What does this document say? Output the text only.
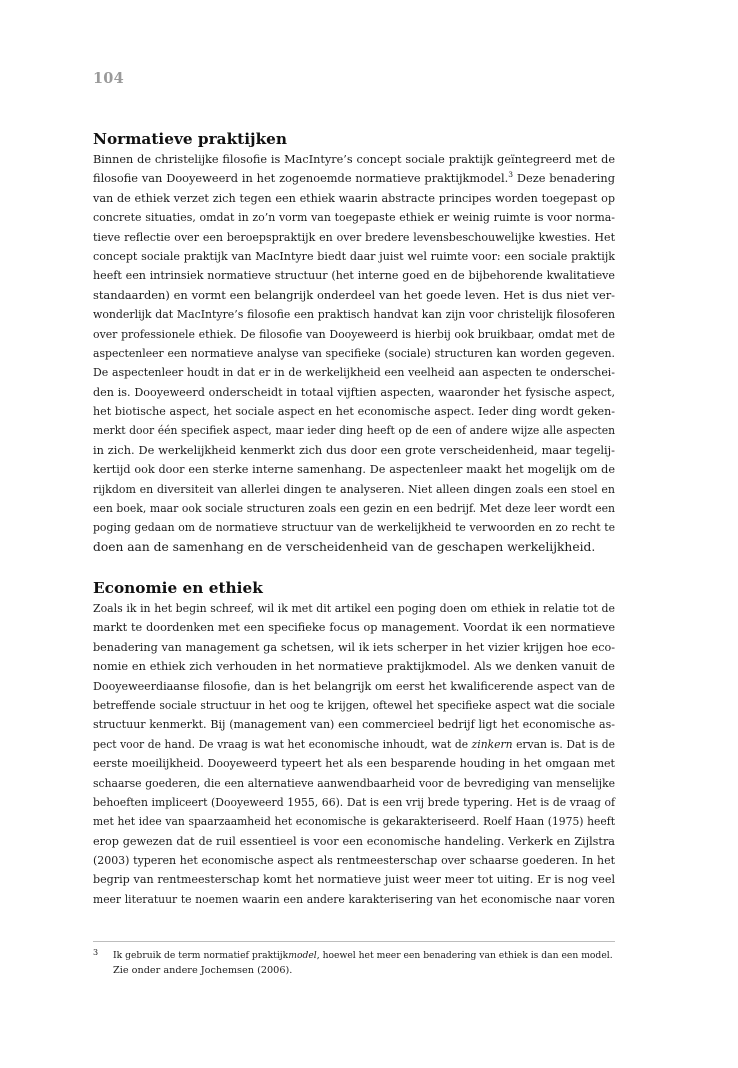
104
Normatieve praktijken
Binnen de christelijke filosofie is MacIntyre’s concept sociale praktijk geïntegreerd met de
filosofie van Dooyeweerd in het zogenoemde normatieve praktijkmodel.$^3$ Deze benadering
van de ethiek verzet zich tegen een ethiek waarin abstracte principes worden toegepast op
concrete situaties, omdat in zo’n vorm van toegepaste ethiek er weinig ruimte is voor norma-
tieve reflectie over een beroepspraktijk en over bredere levensbeschouwelijke kwesties. Het
concept sociale praktijk van MacIntyre biedt daar juist wel ruimte voor: een sociale praktijk
heeft een intrinsiek normatieve structuur (het interne goed en de bijbehorende kwalitatieve
standaarden) en vormt een belangrijk onderdeel van het goede leven. Het is dus niet ver-
wonderlijk dat MacIntyre’s filosofie een praktisch handvat kan zijn voor christelijk filosoferen
over professionele ethiek. De filosofie van Dooyeweerd is hierbij ook bruikbaar, omdat met de
aspectenleer een normatieve analyse van specifieke (sociale) structuren kan worden gegeven.
De aspectenleer houdt in dat er in de werkelijkheid een veelheid aan aspecten te onderschei-
den is. Dooyeweerd onderscheidt in totaal vijftien aspecten, waaronder het fysische aspect,
het biotische aspect, het sociale aspect en het economische aspect. Ieder ding wordt geken-
merkt door één specifiek aspect, maar ieder ding heeft op de een of andere wijze alle aspecten
in zich. De werkelijkheid kenmerkt zich dus door een grote verscheidenheid, maar tegelij-
kertijd ook door een sterke interne samenhang. De aspectenleer maakt het mogelijk om de
rijkdom en diversiteit van allerlei dingen te analyseren. Niet alleen dingen zoals een stoel en
een boek, maar ook sociale structuren zoals een gezin en een bedrijf. Met deze leer wordt een
poging gedaan om de normatieve structuur van de werkelijkheid te verwoorden en zo recht te
doen aan de samenhang en de verscheidenheid van de geschapen werkelijkheid.
Economie en ethiek
Zoals ik in het begin schreef, wil ik met dit artikel een poging doen om ethiek in relatie tot de
markt te doordenken met een specifieke focus op management. Voordat ik een normatieve
benadering van management ga schetsen, wil ik iets scherper in het vizier krijgen hoe eco-
nomie en ethiek zich verhouden in het normatieve praktijkmodel. Als we denken vanuit de
Dooyeweerdiaanse filosofie, dan is het belangrijk om eerst het kwalificerende aspect van de
betreffende sociale structuur in het oog te krijgen, oftewel het specifieke aspect wat die sociale
structuur kenmerkt. Bij (management van) een commercieel bedrijf ligt het economische as-
pect voor de hand. De vraag is wat het economische inhoudt, wat de zinkern ervan is. Dat is de
eerste moeilijkheid. Dooyeweerd typeert het als een besparende houding in het omgaan met
schaarse goederen, die een alternatieve aanwendbaarheid voor de bevrediging van menselijke
behoeften impliceert (Dooyeweerd 1955, 66). Dat is een vrij brede typering. Het is de vraag of
met het idee van spaarzaamheid het economische is gekarakteriseerd. Roelf Haan (1975) heeft
erop gewezen dat de ruil essentieel is voor een economische handeling. Verkerk en Zijlstra
(2003) typeren het economische aspect als rentmeesterschap over schaarse goederen. In het
begrip van rentmeesterschap komt het normatieve juist weer meer tot uiting. Er is nog veel
meer literatuur te noemen waarin een andere karakterisering van het economische naar voren
3 Ik gebruik de term normatief praktijkmodel, hoewel het meer een benadering van ethiek is dan een model.
Zie onder andere Jochemsen (2006).
